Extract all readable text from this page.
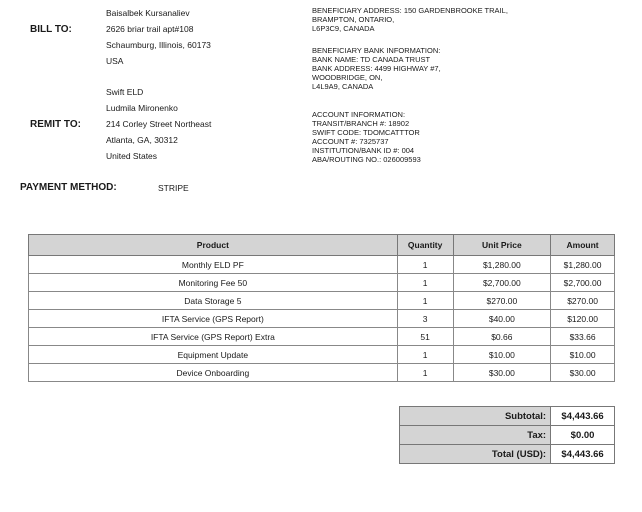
BILL TO:
Baisalbek Kursanaliev
2626 briar trail apt#108
Schaumburg, Illinois, 60173
USA
Swift ELD
Ludmila Mironenko
REMIT TO:	214 Corley Street Northeast
Atlanta, GA, 30312
United States
BENEFICIARY ADDRESS: 150 GARDENBROOKE TRAIL,
BRAMPTON, ONTARIO,
L6P3C9, CANADA
BENEFICIARY BANK INFORMATION:
BANK NAME: TD CANADA TRUST
BANK ADDRESS: 4499 HIGHWAY #7,
WOODBRIDGE, ON,
L4L9A9, CANADA
ACCOUNT INFORMATION:
TRANSIT/BRANCH #: 18902
SWIFT CODE: TDOMCATTTOR
ACCOUNT #: 7325737
INSTITUTION/BANK ID #: 004
ABA/ROUTING NO.: 026009593
PAYMENT METHOD:	STRIPE
Product	Quantity	Unit Price	Amount
Monthly ELD PF	1	$1,280.00	$1,280.00
Monitoring Fee 50	1	$2,700.00	$2,700.00
Data Storage 5	1	$270.00	$270.00
IFTA Service (GPS Report)	3	$40.00	$120.00
IFTA Service (GPS Report) Extra	51	$0.66	$33.66
Equipment Update	1	$10.00	$10.00
Device Onboarding	1	$30.00	$30.00
Subtotal:	$4,443.66
Tax:	$0.00
Total (USD):	$4,443.66
